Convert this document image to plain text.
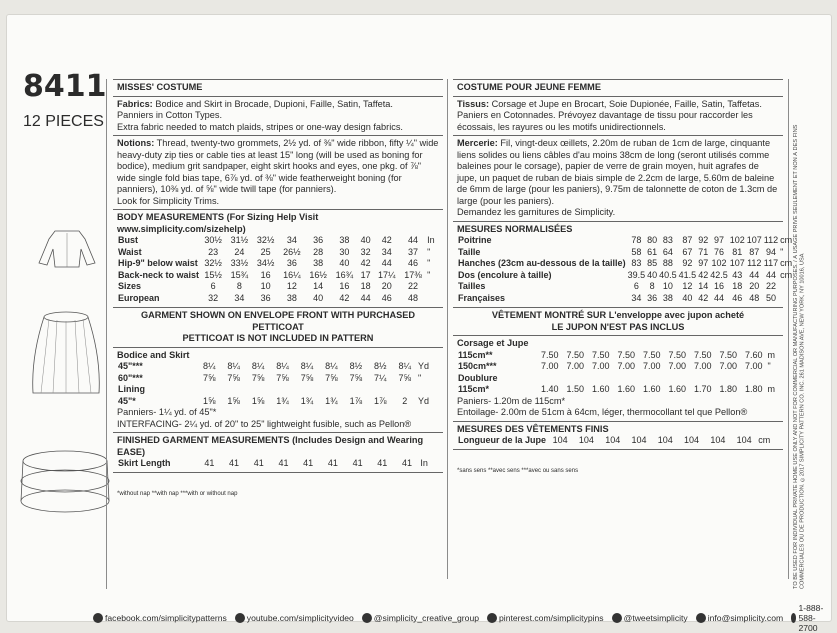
8411
12 PIECES
MISSES' COSTUME
Fabrics: Bodice and Skirt in Brocade, Dupioni, Faille, Satin, Taffeta.
Panniers in Cotton Types.
Extra fabric needed to match plaids, stripes or one-way design fabrics.
Notions: Thread, twenty-two grommets, 2½ yd. of ⅜" wide ribbon, fifty ¼" wide heavy-duty zip ties or cable ties at least 15" long (will be used as boning for bodice), medium grit sandpaper, eight skirt hooks and eyes, one pkg. of ⅞" wide single fold bias tape, 6⅞ yd. of ⅜" wide featherweight boning (for panniers), 10⅜ yd. of ⅝" wide twill tape (for panniers).
Look for Simplicity Trims.
BODY MEASUREMENTS (For Sizing Help Visit www.simplicity.com/sizehelp)
Bust	30½	31½	32½	34	36	38	40	42	44	In
Waist	23	24	25	26½	28	30	32	34	37	"
Hip-9" below waist	32½	33½	34½	36	38	40	42	44	46	"
Back-neck to waist	15½	15¾	16	16¼	16½	16¾	17	17¼	17⅜	"
Sizes	6	8	10	12	14	16	18	20	22	
European	32	34	36	38	40	42	44	46	48	
GARMENT SHOWN ON ENVELOPE FRONT WITH PURCHASED PETTICOAT
PETTICOAT IS NOT INCLUDED IN PATTERN
Bodice and Skirt
45"***	8¼	8¼	8¼	8¼	8¼	8¼	8½	8½	8¼	Yd
60"***	7⅝	7⅝	7⅝	7⅝	7⅝	7⅝	7⅝	7¼	7⅝	"
Lining										
45"*	1⅝	1⅝	1⅝	1¾	1¾	1¾	1⅞	1⅞	2	Yd
Panniers- 1¼ yd. of 45"*
INTERFACING- 2¼ yd. of 20" to 25" lightweight fusible, such as Pellon®
FINISHED GARMENT MEASUREMENTS (Includes Design and Wearing EASE)
Skirt Length	41	41	41	41	41	41	41	41	41	In
*without nap **with nap ***with or without nap
COSTUME POUR JEUNE FEMME
Tissus: Corsage et Jupe en Brocart, Soie Dupionée, Faille, Satin, Taffetas.
Paniers en Cotonnades. Prévoyez davantage de tissu pour raccorder les écossais, les rayures ou les motifs unidirectionnels.
Mercerie: Fil, vingt-deux œillets, 2.20m de ruban de 1cm de large, cinquante liens solides ou liens câbles d'au moins 38cm de long (seront utilisés comme baleines pour le corsage), papier de verre de grain moyen, huit agrafes de jupe, un paquet de ruban de biais simple de 2.2cm de large, 5.60m de baleine de 6mm de large (pour les paniers), 9.75m de talonnette de coton de 1.3cm de large (pour les paniers).
Demandez les garnitures de Simplicity.
MESURES NORMALISÉES
Poitrine	78	80	83	87	92	97	102	107	112	cm
Taille	58	61	64	67	71	76	81	87	94	"
Hanches (23cm au-dessous de la taille)	83	85	88	92	97	102	107	112	117	cm
Dos (encolure à taille)	39.5	40	40.5	41.5	42	42.5	43	44	44	cm
Tailles	6	8	10	12	14	16	18	20	22	
Françaises	34	36	38	40	42	44	46	48	50	
VÊTEMENT MONTRÉ SUR L'enveloppe avec jupon acheté
LE JUPON N'EST PAS INCLUS
Corsage et Jupe
115cm**	7.50	7.50	7.50	7.50	7.50	7.50	7.50	7.50	7.60	m
150cm***	7.00	7.00	7.00	7.00	7.00	7.00	7.00	7.00	7.00	"
Doublure										
115cm*	1.40	1.50	1.60	1.60	1.60	1.60	1.70	1.80	1.80	m
Paniers- 1.20m de 115cm*
Entoilage- 2.00m de 51cm à 64cm, léger, thermocollant tel que Pellon®
MESURES DES VÊTEMENTS FINIS
Longueur de la Jupe	104	104	104	104	104	104	104	104	cm
*sans sens **avec sens ***avec ou sans sens	TO BE USED FOR INDIVIDUAL PRIVATE HOME USE ONLY AND NOT FOR COMMERCIAL OR MANUFACTURING PURPOSES. / À USAGE PRIVÉ SEULEMENT ET NON À DES FINS COMMERCIALES OU DE PRODUCTION. ©2017 SIMPLICITY PATTERN CO. INC. 261 MADISON AVE, NEW YORK, NY 10016, USA
facebook.com/simplicitypatterns youtube.com/simplicityvideo @simplicity_creative_group pinterest.com/simplicitypins @tweetsimplicity info@simplicity.com
1-888-588-2700
